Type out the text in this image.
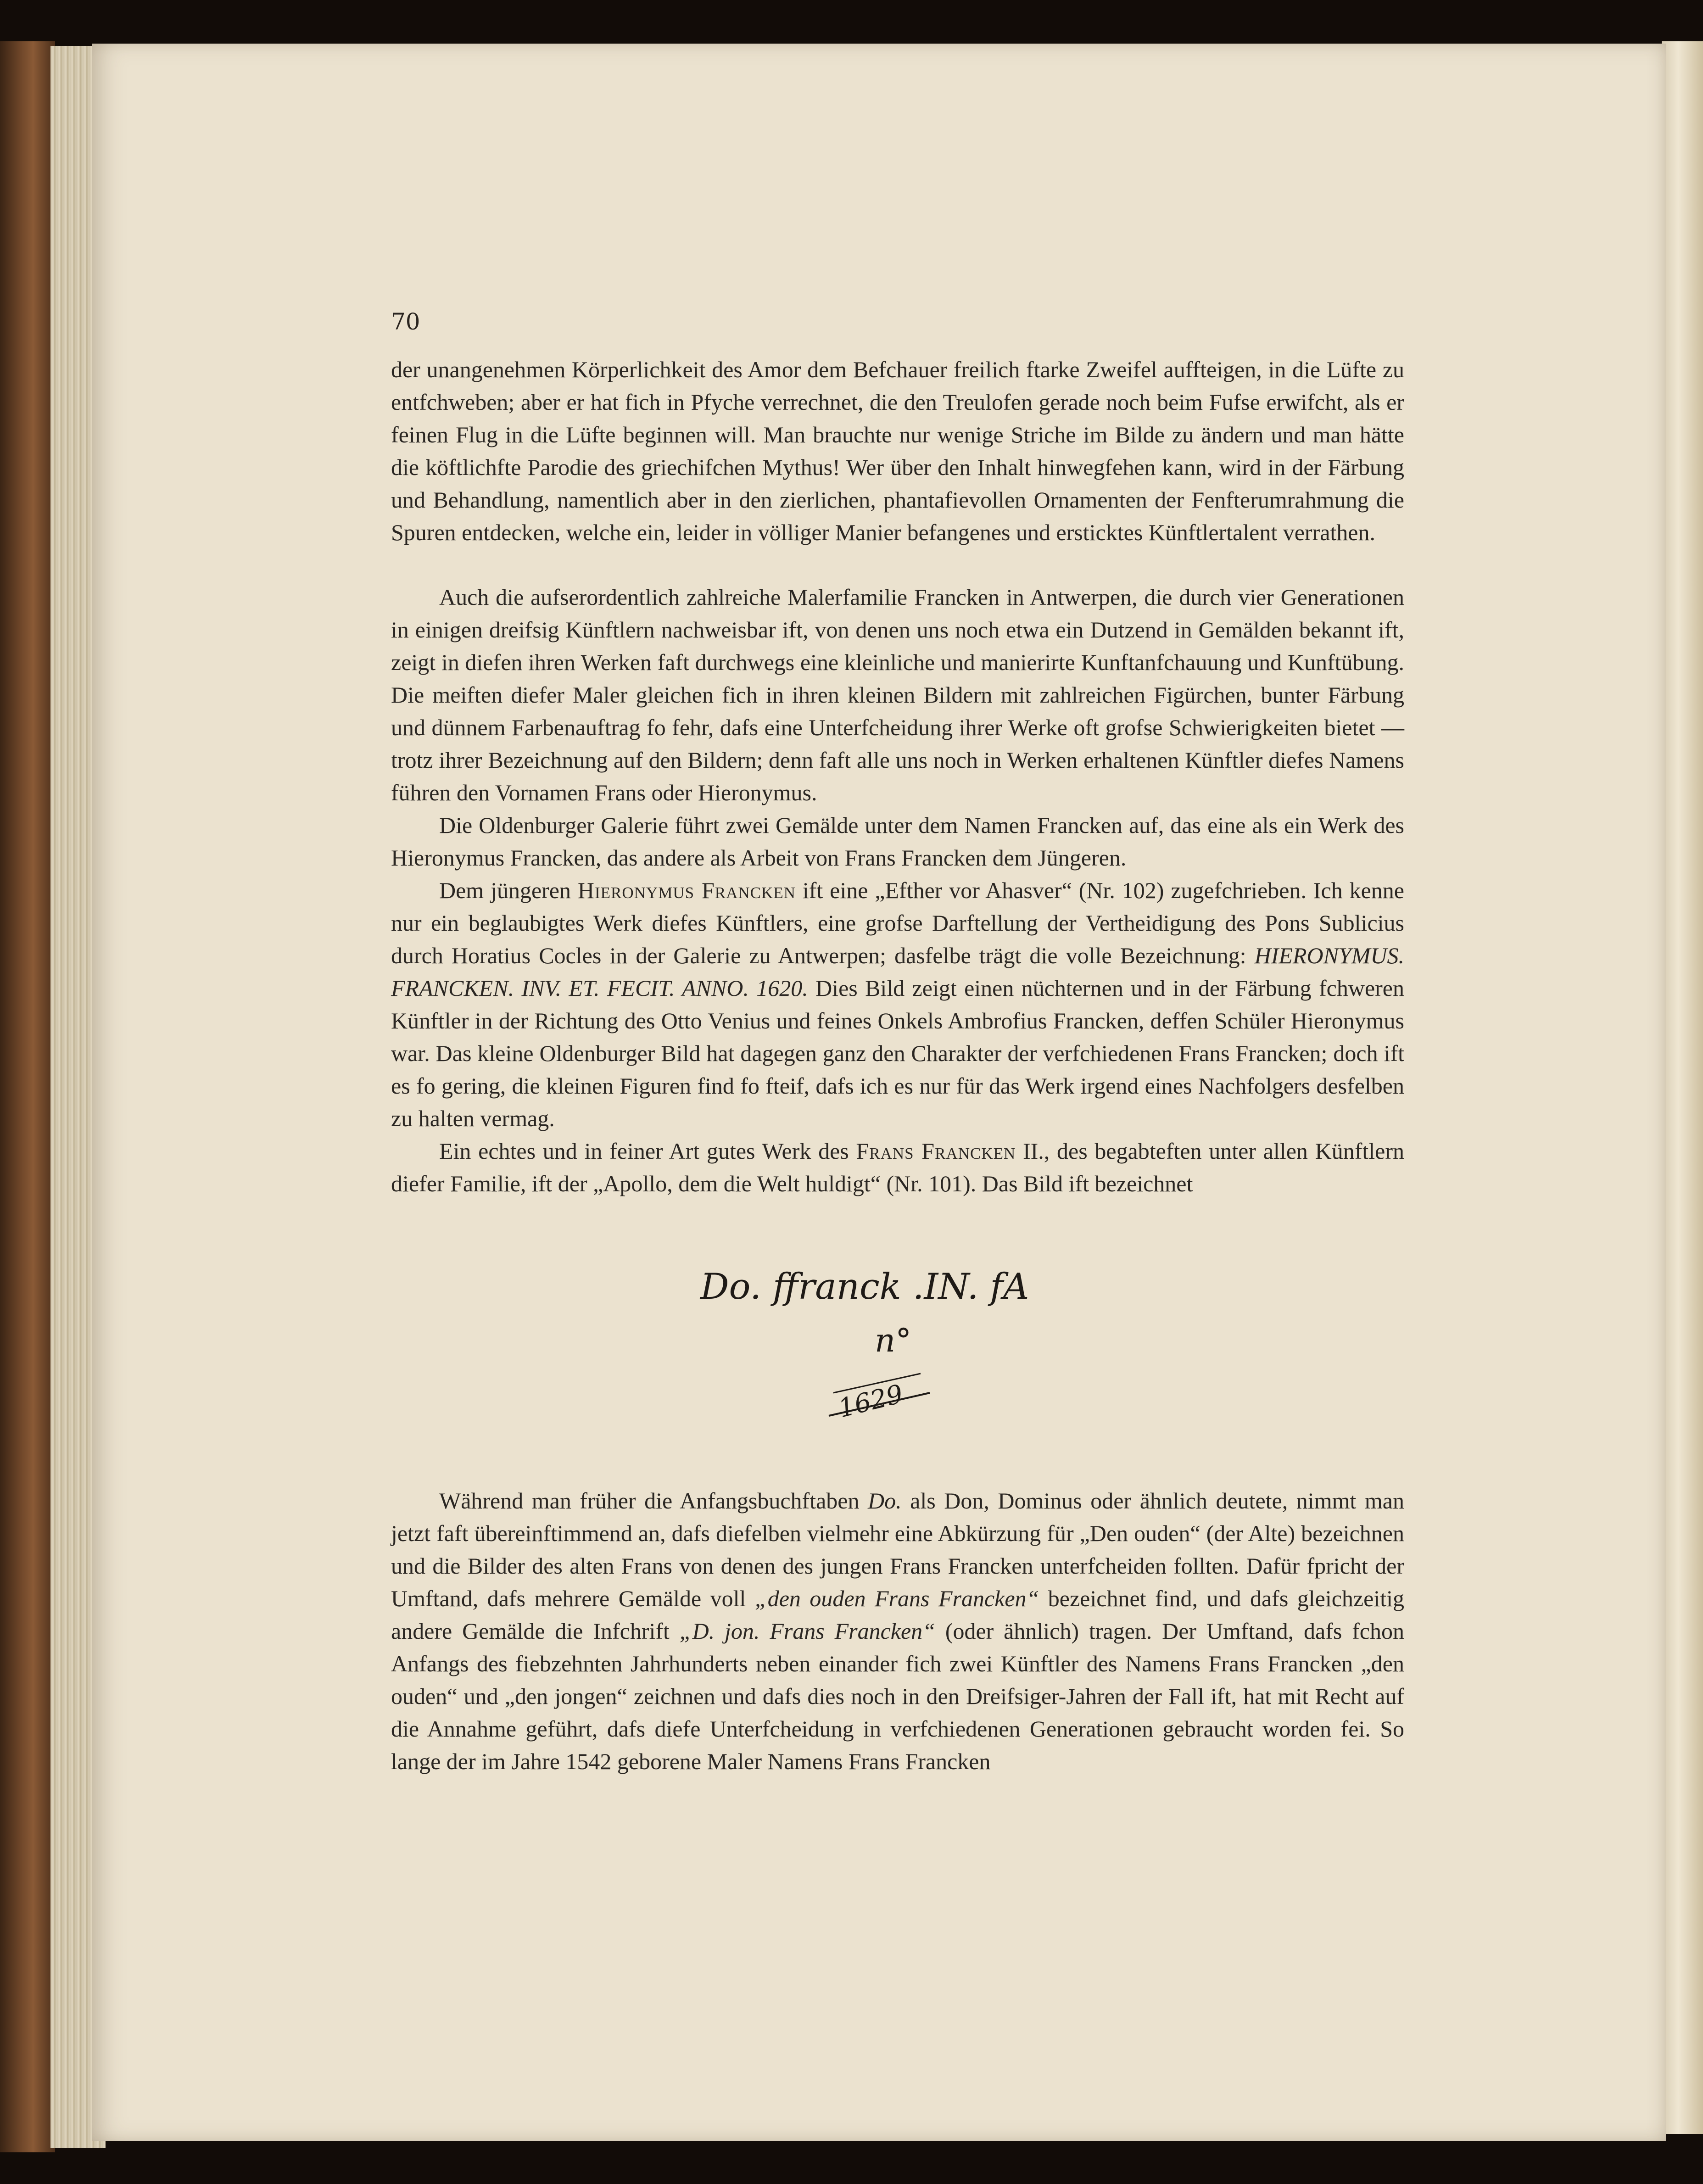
70

der unangenehmen Körperlichkeit des Amor dem Befchauer freilich ftarke Zweifel auffteigen, in die Lüfte zu entfchweben; aber er hat fich in Pfyche verrechnet, die den Treulofen gerade noch beim Fufse erwifcht, als er feinen Flug in die Lüfte beginnen will. Man brauchte nur wenige Striche im Bilde zu ändern und man hätte die köftlichfte Parodie des griechifchen Mythus! Wer über den Inhalt hinwegfehen kann, wird in der Färbung und Behandlung, namentlich aber in den zierlichen, phantafievollen Ornamenten der Fenfterumrahmung die Spuren entdecken, welche ein, leider in völliger Manier befangenes und ersticktes Künftlertalent verrathen.

Auch die aufserordentlich zahlreiche Malerfamilie Francken in Antwerpen, die durch vier Generationen in einigen dreifsig Künftlern nachweisbar ift, von denen uns noch etwa ein Dutzend in Gemälden bekannt ift, zeigt in diefen ihren Werken faft durchwegs eine kleinliche und manierirte Kunftanfchauung und Kunftübung. Die meiften diefer Maler gleichen fich in ihren kleinen Bildern mit zahlreichen Figürchen, bunter Färbung und dünnem Farbenauftrag fo fehr, dafs eine Unterfcheidung ihrer Werke oft grofse Schwierigkeiten bietet — trotz ihrer Bezeichnung auf den Bildern; denn faft alle uns noch in Werken erhaltenen Künftler diefes Namens führen den Vornamen Frans oder Hieronymus.

Die Oldenburger Galerie führt zwei Gemälde unter dem Namen Francken auf, das eine als ein Werk des Hieronymus Francken, das andere als Arbeit von Frans Francken dem Jüngeren.

Dem jüngeren Hieronymus Francken ift eine „Efther vor Ahasver“ (Nr. 102) zugefchrieben. Ich kenne nur ein beglaubigtes Werk diefes Künftlers, eine grofse Darftellung der Vertheidigung des Pons Sublicius durch Horatius Cocles in der Galerie zu Antwerpen; dasfelbe trägt die volle Bezeichnung: HIERONYMUS. FRANCKEN. INV. ET. FECIT. ANNO. 1620. Dies Bild zeigt einen nüchternen und in der Färbung fchweren Künftler in der Richtung des Otto Venius und feines Onkels Ambrofius Francken, deffen Schüler Hieronymus war. Das kleine Oldenburger Bild hat dagegen ganz den Charakter der verfchiedenen Frans Francken; doch ift es fo gering, die kleinen Figuren find fo fteif, dafs ich es nur für das Werk irgend eines Nachfolgers desfelben zu halten vermag.

Ein echtes und in feiner Art gutes Werk des Frans Francken II., des begabteften unter allen Künftlern diefer Familie, ift der „Apollo, dem die Welt huldigt“ (Nr. 101). Das Bild ift bezeichnet

Do. ffranck .IN. fA
n°
1629

Während man früher die Anfangsbuchftaben Do. als Don, Dominus oder ähnlich deutete, nimmt man jetzt faft übereinftimmend an, dafs diefelben vielmehr eine Abkürzung für „Den ouden“ (der Alte) bezeichnen und die Bilder des alten Frans von denen des jungen Frans Francken unterfcheiden follten. Dafür fpricht der Umftand, dafs mehrere Gemälde voll „den ouden Frans Francken“ bezeichnet find, und dafs gleichzeitig andere Gemälde die Infchrift „D. jon. Frans Francken“ (oder ähnlich) tragen. Der Umftand, dafs fchon Anfangs des fiebzehnten Jahrhunderts neben einander fich zwei Künftler des Namens Frans Francken „den ouden“ und „den jongen“ zeichnen und dafs dies noch in den Dreifsiger-Jahren der Fall ift, hat mit Recht auf die Annahme geführt, dafs diefe Unterfcheidung in verfchiedenen Generationen gebraucht worden fei. So lange der im Jahre 1542 geborene Maler Namens Frans Francken
